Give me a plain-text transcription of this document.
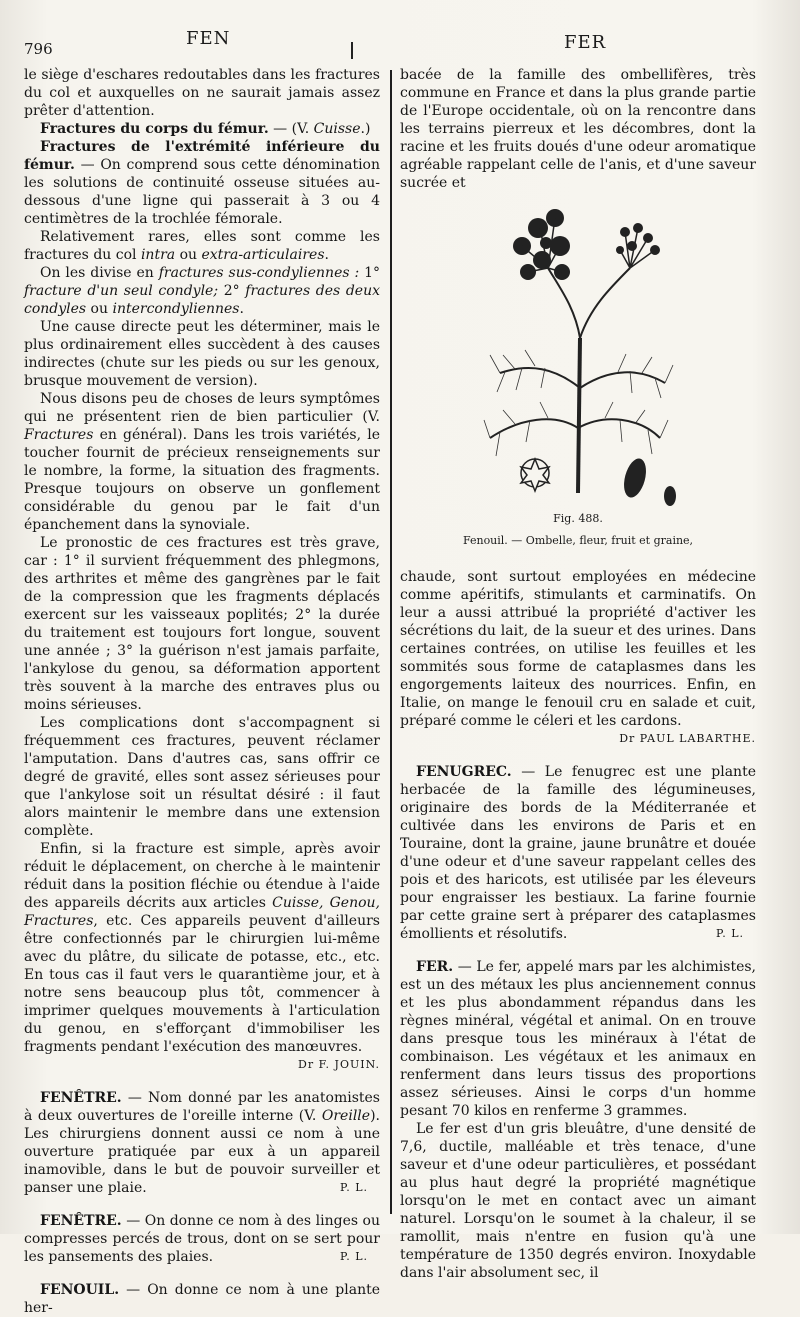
796	FEN	FER

le siège d'eschares redoutables dans les fractures du col et auxquelles on ne saurait jamais assez prêter d'attention.

Fractures du corps du fémur. — (V. Cuisse.)

Fractures de l'extrémité inférieure du fémur. — On comprend sous cette dénomination les solutions de continuité osseuse situées au-dessous d'une ligne qui passerait à 3 ou 4 centimètres de la trochlée fémorale.

Relativement rares, elles sont comme les fractures du col intra ou extra-articulaires.

On les divise en fractures sus-condyliennes : 1° fracture d'un seul condyle; 2° fractures des deux condyles ou intercondyliennes.

Une cause directe peut les déterminer, mais le plus ordinairement elles succèdent à des causes indirectes (chute sur les pieds ou sur les genoux, brusque mouvement de version).

Nous disons peu de choses de leurs symptômes qui ne présentent rien de bien particulier (V. Fractures en général). Dans les trois variétés, le toucher fournit de précieux renseignements sur le nombre, la forme, la situation des fragments. Presque toujours on observe un gonflement considérable du genou par le fait d'un épanchement dans la synoviale.

Le pronostic de ces fractures est très grave, car : 1° il survient fréquemment des phlegmons, des arthrites et même des gangrènes par le fait de la compression que les fragments déplacés exercent sur les vaisseaux poplités; 2° la durée du traitement est toujours fort longue, souvent une année ; 3° la guérison n'est jamais parfaite, l'ankylose du genou, sa déformation apportent très souvent à la marche des entraves plus ou moins sérieuses.

Les complications dont s'accompagnent si fréquemment ces fractures, peuvent réclamer l'amputation. Dans d'autres cas, sans offrir ce degré de gravité, elles sont assez sérieuses pour que l'ankylose soit un résultat désiré : il faut alors maintenir le membre dans une extension complète.

Enfin, si la fracture est simple, après avoir réduit le déplacement, on cherche à le maintenir réduit dans la position fléchie ou étendue à l'aide des appareils décrits aux articles Cuisse, Genou, Fractures, etc. Ces appareils peuvent d'ailleurs être confectionnés par le chirurgien lui-même avec du plâtre, du silicate de potasse, etc., etc. En tous cas il faut vers le quarantième jour, et à notre sens beaucoup plus tôt, commencer à imprimer quelques mouvements à l'articulation du genou, en s'efforçant d'immobiliser les fragments pendant l'exécution des manœuvres.

Dr F. JOUIN.

FENÊTRE. — Nom donné par les anatomistes à deux ouvertures de l'oreille interne (V. Oreille). Les chirurgiens donnent aussi ce nom à une ouverture pratiquée par eux à un appareil inamovible, dans le but de pouvoir surveiller et panser une plaie.	P. L.

FENÊTRE. — On donne ce nom à des linges ou compresses percés de trous, dont on se sert pour les pansements des plaies.	P. L.

FENOUIL. — On donne ce nom à une plante her-

bacée de la famille des ombellifères, très commune en France et dans la plus grande partie de l'Europe occidentale, où on la rencontre dans les terrains pierreux et les décombres, dont la racine et les fruits doués d'une odeur aromatique agréable rappelant celle de l'anis, et d'une saveur sucrée et

Fig. 488.
Fenouil. — Ombelle, fleur, fruit et graine,

chaude, sont surtout employées en médecine comme apéritifs, stimulants et carminatifs. On leur a aussi attribué la propriété d'activer les sécrétions du lait, de la sueur et des urines. Dans certaines contrées, on utilise les feuilles et les sommités sous forme de cataplasmes dans les engorgements laiteux des nourrices. Enfin, en Italie, on mange le fenouil cru en salade et cuit, préparé comme le céleri et les cardons.

Dr PAUL LABARTHE.

FENUGREC. — Le fenugrec est une plante herbacée de la famille des légumineuses, originaire des bords de la Méditerranée et cultivée dans les environs de Paris et en Touraine, dont la graine, jaune brunâtre et douée d'une odeur et d'une saveur rappelant celles des pois et des haricots, est utilisée par les éleveurs pour engraisser les bestiaux. La farine fournie par cette graine sert à préparer des cataplasmes émollients et résolutifs.	P. L.

FER. — Le fer, appelé mars par les alchimistes, est un des métaux les plus anciennement connus et les plus abondamment répandus dans les règnes minéral, végétal et animal. On en trouve dans presque tous les minéraux à l'état de combinaison. Les végétaux et les animaux en renferment dans leurs tissus des proportions assez sérieuses. Ainsi le corps d'un homme pesant 70 kilos en renferme 3 grammes.

Le fer est d'un gris bleuâtre, d'une densité de 7,6, ductile, malléable et très tenace, d'une saveur et d'une odeur particulières, et possédant au plus haut degré la propriété magnétique lorsqu'on le met en contact avec un aimant naturel. Lorsqu'on le soumet à la chaleur, il se ramollit, mais n'entre en fusion qu'à une température de 1350 degrés environ. Inoxydable dans l'air absolument sec, il
